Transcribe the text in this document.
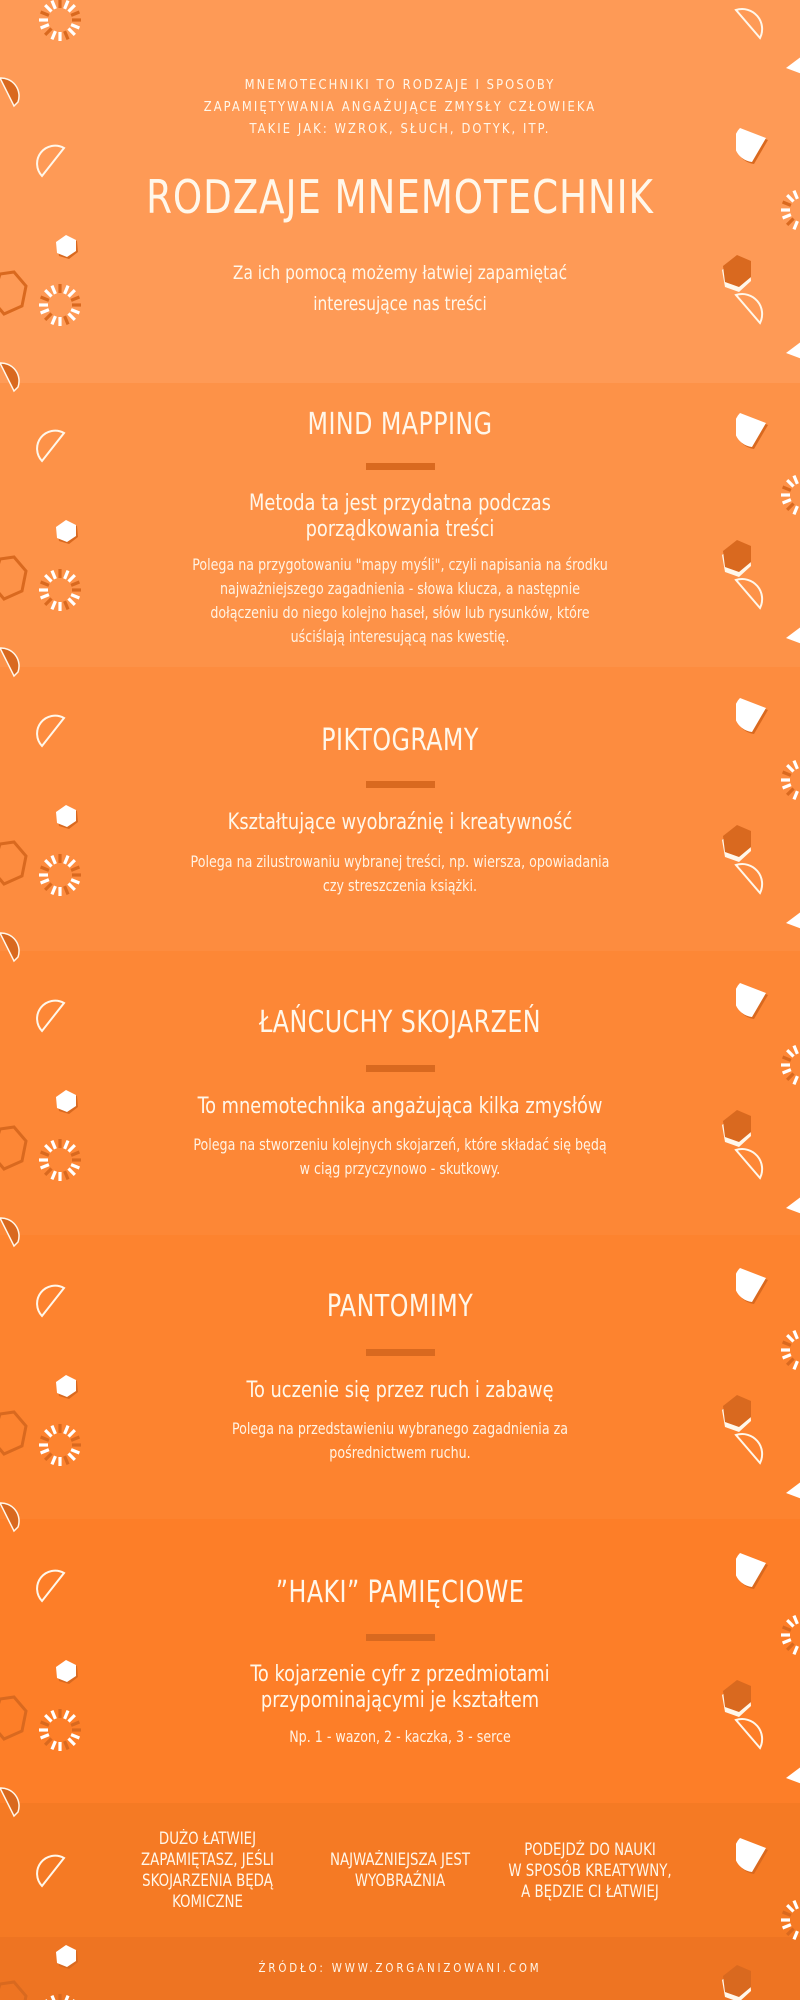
MNEMOTECHNIKI TO RODZAJE I SPOSOBY
ZAPAMIĘTYWANIA ANGAŻUJĄCE ZMYSŁY CZŁOWIEKA
TAKIE JAK: WZROK, SŁUCH, DOTYK, ITP.
RODZAJE MNEMOTECHNIK
Za ich pomocą możemy łatwiej zapamiętać
interesujące nas treści
MIND MAPPING
Metoda ta jest przydatna podczas
porządkowania treści
Polega na przygotowaniu "mapy myśli", czyli napisania na środku
najważniejszego zagadnienia - słowa klucza, a następnie
dołączeniu do niego kolejno haseł, słów lub rysunków, które
uściślają interesującą nas kwestię.
PIKTOGRAMY
Kształtujące wyobraźnię i kreatywność
Polega na zilustrowaniu wybranej treści, np. wiersza, opowiadania
czy streszczenia książki.
ŁAŃCUCHY SKOJARZEŃ
To mnemotechnika angażująca kilka zmysłów
Polega na stworzeniu kolejnych skojarzeń, które składać się będą
w ciąg przyczynowo - skutkowy.
PANTOMIMY
To uczenie się przez ruch i zabawę
Polega na przedstawieniu wybranego zagadnienia za
pośrednictwem ruchu.
”HAKI” PAMIĘCIOWE
To kojarzenie cyfr z przedmiotami
przypominającymi je kształtem
Np. 1 - wazon, 2 - kaczka, 3 - serce
DUŻO ŁATWIEJ
ZAPAMIĘTASZ, JEŚLI
SKOJARZENIA BĘDĄ
KOMICZNE
NAJWAŻNIEJSZA JEST
WYOBRAŹNIA
PODEJDŹ DO NAUKI
W SPOSÓB KREATYWNY,
A BĘDZIE CI ŁATWIEJ
ŹRÓDŁO: WWW.ZORGANIZOWANI.COM
